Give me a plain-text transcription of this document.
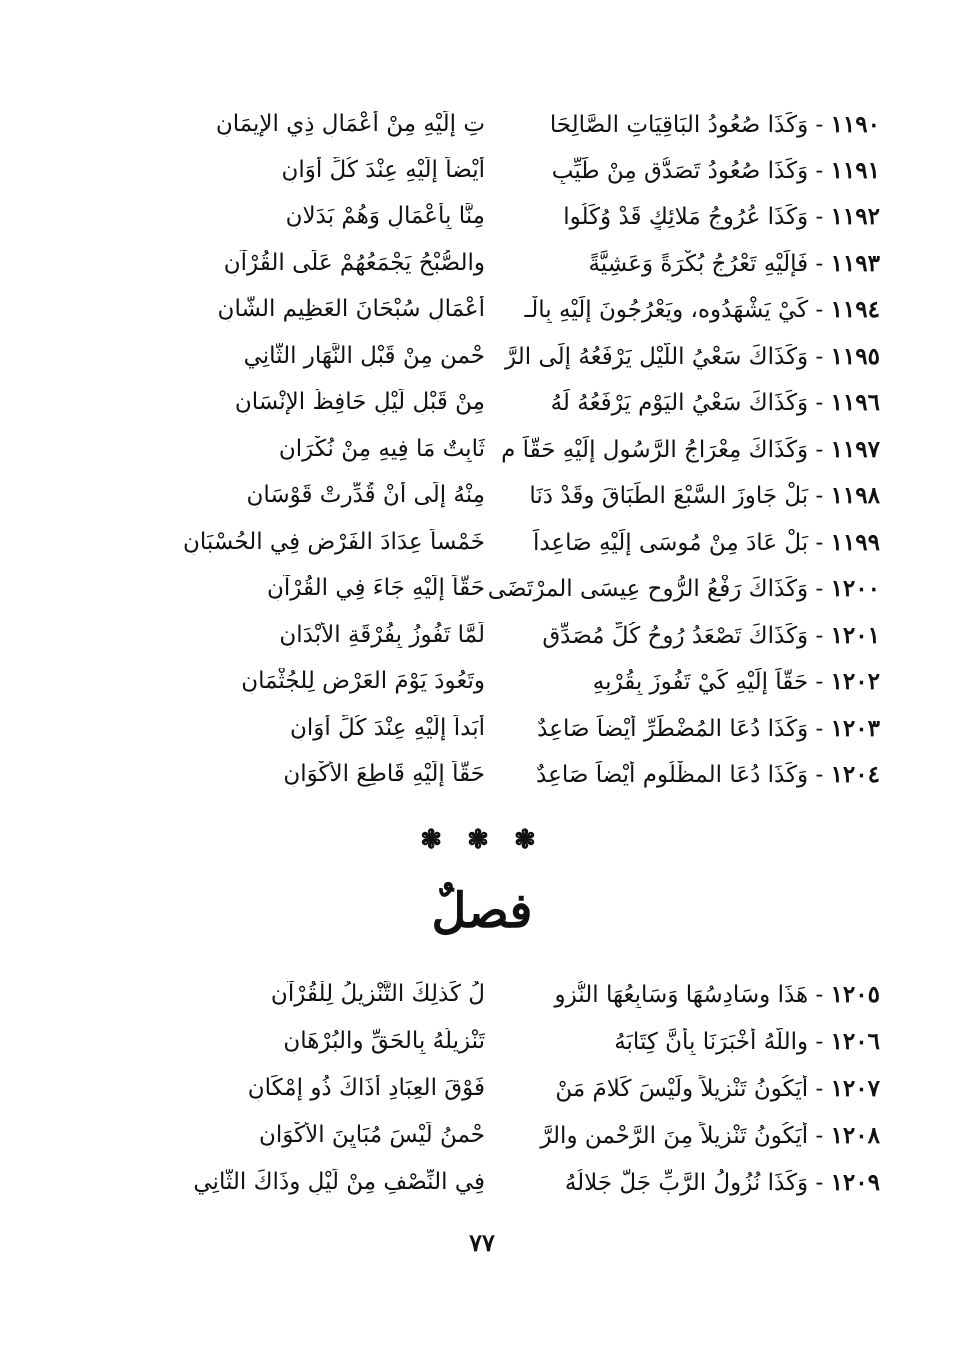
١١٩٠ - وَكَذَا صُعُودُ البَاقِيَاتِ الصَّالِحَا
تِ إِلَيْهِ مِنْ أَعْمَالِ ذِي الإِيمَانِ
١١٩١ - وَكَذَا صُعُودُ تَصَدُّقٍ مِنْ طَيِّبٍ
أَيْضاً إِلَيْهِ عِنْدَ كُلِّ أَوَانِ
١١٩٢ - وَكَذَا عُرُوجُ مَلائِكٍ قَدْ وُكِّلُوا
مِنَّا بِأَعْمَالٍ وَهُمْ بَدَلانِ
١١٩٣ - فَإِلَيْهِ تَعْرُجُ بُكْرَةً وَعَشِيَّةً
والصُّبْحُ يَجْمَعُهُمْ عَلَى القُرْآنِ
١١٩٤ - كَيْ يَشْهَدُوه، ويَعْرُجُونَ إِلَيْهِ بِالْـ
أَعْمَالِ سُبْحَانَ العَظِيمِ الشَّانِ
١١٩٥ - وَكَذَاكَ سَعْيُ اللَّيْلِ يَرْفَعُهُ إِلَى الرَّ
حْمنِ مِنْ قَبْلِ النَّهَارِ الثَّانِي
١١٩٦ - وَكَذَاكَ سَعْيُ اليَوْمِ يَرْفَعُهُ لَهُ
مِنْ قَبْلِ لَيْلٍ حَافِظُ الإِنْسَانِ
١١٩٧ - وَكَذَاكَ مِعْرَاجُ الرَّسُولِ إِلَيْهِ حَقّاً م
ثَابِتٌ مَا فِيهِ مِنْ نُكْرَانِ
١١٩٨ - بَلْ جَاوزَ السَّبْعَ الطِّبَاقَ وقَدْ دَنَا
مِنْهُ إِلَى أَنْ قُدِّرتْ قَوْسَانِ
١١٩٩ - بَلْ عَادَ مِنْ مُوسَى إِلَيْهِ صَاعِداً
خَمْساً عِدَادَ الفَرْضِ فِي الحُسْبَانِ
١٢٠٠ - وَكَذَاكَ رَفْعُ الرُّوحِ عِيسَى المرْتَضَى
حَقّاً إِلَيْهِ جَاءَ فِي القُرْآنِ
١٢٠١ - وَكَذَاكَ تَصْعَدُ رُوحُ كُلِّ مُصَدِّقٍ
لَمَّا تَفُوزُ بِفُرْقَةِ الأَبْدَانِ
١٢٠٢ - حَقّاً إِلَيْهِ كَيْ تَفُوزَ بِقُرْبِهِ
وتَعُودَ يَوْمَ العَرْضِ لِلجُثْمَانِ
١٢٠٣ - وَكَذَا دُعَا المُضْطَرِّ أَيْضاً صَاعِدٌ
أَبَداً إِلَيْهِ عِنْدَ كُلِّ أَوَانِ
١٢٠٤ - وَكَذَا دُعَا المظْلُومِ أَيْضاً صَاعِدٌ
حَقّاً إِلَيْهِ قَاطِعَ الأَكْوَانِ
❃ ❃ ❃
فصلٌ
١٢٠٥ - هَذَا وسَادِسُهَا وَسَابِعُهَا النُّزو
لُ كَذلِكَ التَّنْزِيلُ لِلْقُرْآنِ
١٢٠٦ - واللَّهُ أَخْبَرَنَا بِأَنَّ كِتَابَهُ
تَنْزِيلُهُ بِالحَقِّ والبُرْهَانِ
١٢٠٧ - أَيَكُونُ تَنْزِيلاً ولَيْسَ كَلامَ مَنْ
فَوْقَ العِبَادِ أَذَاكَ ذُو إِمْكَانِ
١٢٠٨ - أَيَكُونُ تَنْزِيلاً مِنَ الرَّحْمنِ والرَّ
حْمنُ لَيْسَ مُبَايِنَ الأَكْوَانِ
١٢٠٩ - وَكَذَا نُزُولُ الرَّبِّ جَلَّ جَلالُهُ
فِي النِّصْفِ مِنْ لَيْلٍ وذَاكَ الثَّانِي
٧٧
